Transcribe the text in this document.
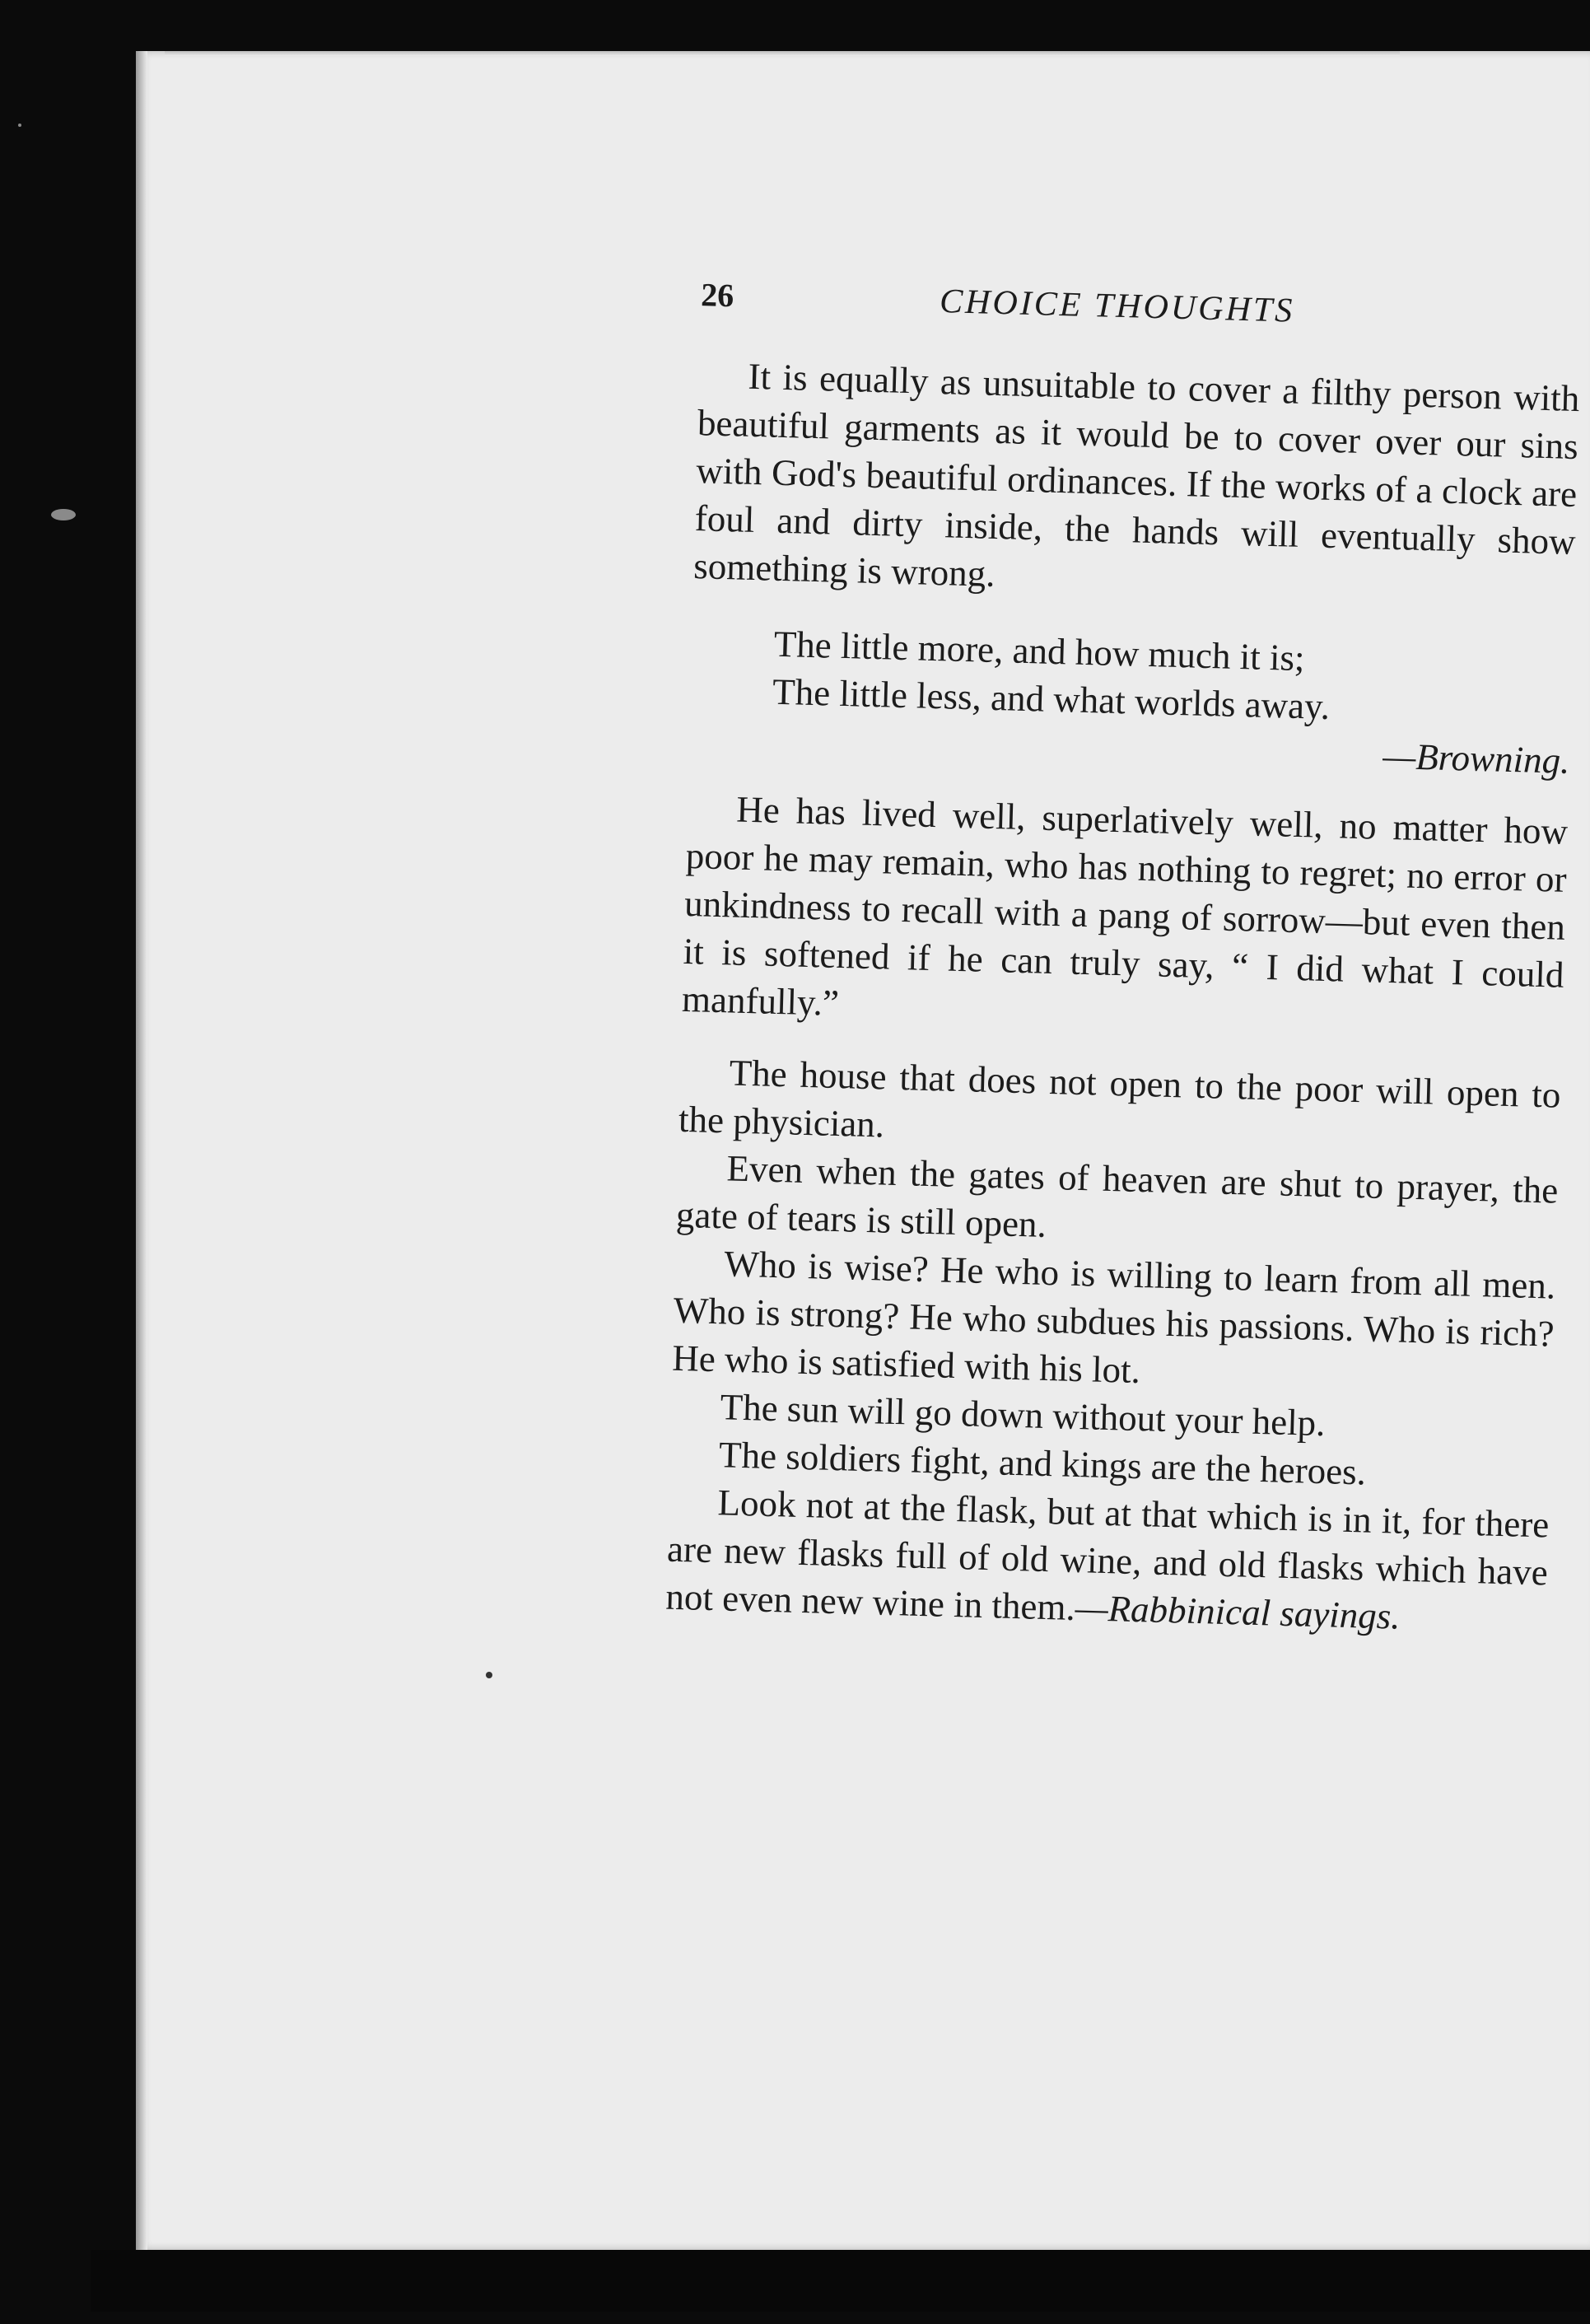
26	CHOICE THOUGHTS

It is equally as unsuitable to cover a filthy person with beautiful garments as it would be to cover over our sins with God's beautiful ordinances. If the works of a clock are foul and dirty inside, the hands will eventually show something is wrong.

The little more, and how much it is;
The little less, and what worlds away.
—Browning.

He has lived well, superlatively well, no matter how poor he may remain, who has nothing to regret; no error or unkindness to recall with a pang of sorrow—but even then it is softened if he can truly say, “ I did what I could manfully.”

The house that does not open to the poor will open to the physician.

Even when the gates of heaven are shut to prayer, the gate of tears is still open.

Who is wise? He who is willing to learn from all men. Who is strong? He who subdues his passions. Who is rich? He who is satisfied with his lot.

The sun will go down without your help.

The soldiers fight, and kings are the heroes.

Look not at the flask, but at that which is in it, for there are new flasks full of old wine, and old flasks which have not even new wine in them.—Rabbinical sayings.
